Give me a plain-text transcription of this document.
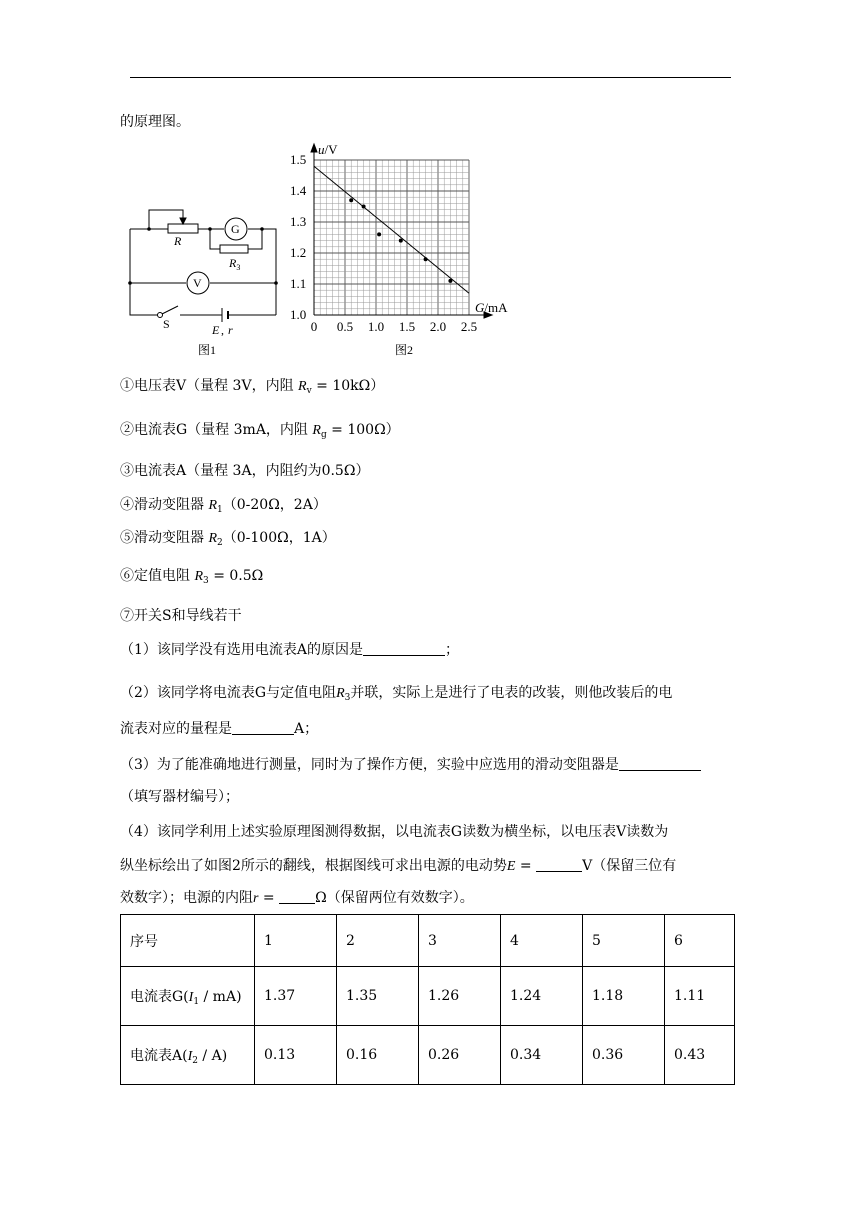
的原理图。
R
G
$R_3$
V
S	E , r
图1
1.0
1.1
1.2
1.3
1.4
1.5
0 0.5 1.0 1.5 2.0 2.5
u/V
G/mA
图2
①电压表V（量程 3V，内阻 $R_v = 10k\Omega$）
②电流表G（量程 3mA，内阻 $R_g = 100\Omega$）
③电流表A（量程 3A，内阻约为0.5Ω）
④滑动变阻器 $R_1(0-20\Omega$，2A）
⑤滑动变阻器 $R_2(0-100\Omega$，1A）
⑥定值电阻 $R_3 = 0.5\Omega$
⑦开关S和导线若干
（1）该同学没有选用电流表A的原因是	；
（2）该同学将电流表G与定值电阻$R_3$并联，实际上是进行了电表的改装，则他改装后的电
流表对应的量程是	A；
（3）为了能准确地进行测量，同时为了操作方便，实验中应选用的滑动变阻器是
（填写器材编号）；
（4）该同学利用上述实验原理图测得数据，以电流表G读数为横坐标，以电压表V读数为
纵坐标绘出了如图2所示的翻线，根据图线可求出电源的电动势E =	V（保留三位有
效数字）；电源的内阻r =	Ω（保留两位有效数字）。
序号	1	2	3	4	5	6
电流表$G(I_1 / mA)$	1.37	1.35	1.26	1.24	1.18	1.11
电流表$A(I_2 / A)$	0.13	0.16	0.26	0.34	0.36	0.43
